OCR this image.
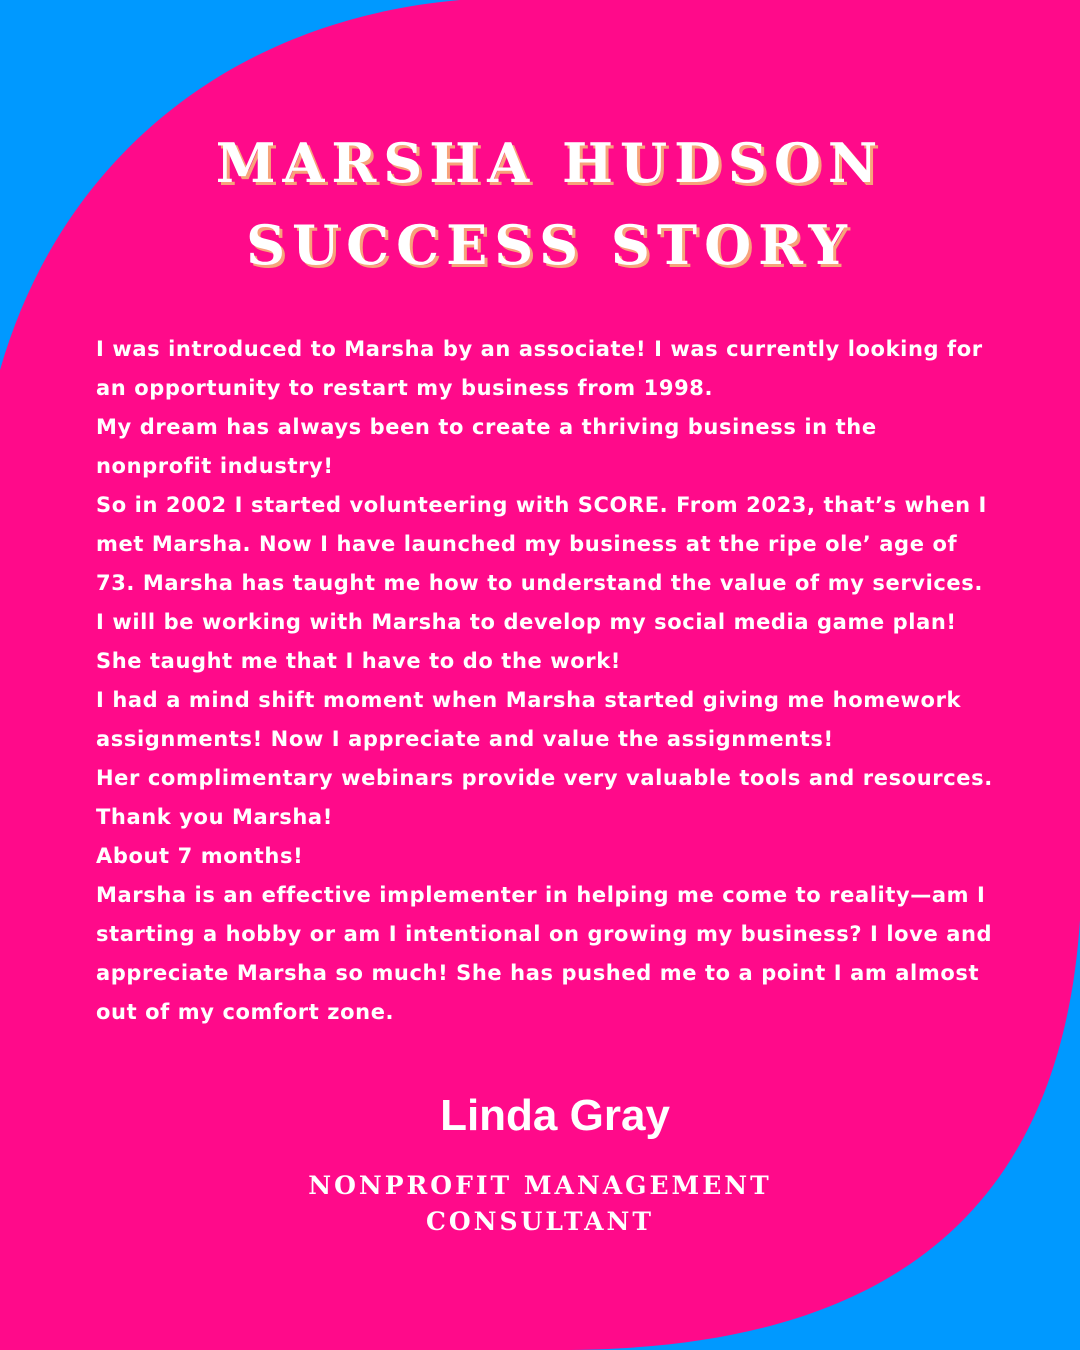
MARSHA HUDSON
SUCCESS STORY

I was introduced to Marsha by an associate! I was currently looking for an opportunity to restart my business from 1998.

My dream has always been to create a thriving business in the nonprofit industry!

So in 2002 I started volunteering with SCORE. From 2023, that’s when I met Marsha. Now I have launched my business at the ripe ole’ age of 73. Marsha has taught me how to understand the value of my services.

I will be working with Marsha to develop my social media game plan!

She taught me that I have to do the work!

I had a mind shift moment when Marsha started giving me homework assignments! Now I appreciate and value the assignments!

Her complimentary webinars provide very valuable tools and resources. Thank you Marsha!

About 7 months!

Marsha is an effective implementer in helping me come to reality—am I starting a hobby or am I intentional on growing my business? I love and appreciate Marsha so much! She has pushed me to a point I am almost out of my comfort zone.

Linda Gray
NONPROFIT MANAGEMENT
CONSULTANT
